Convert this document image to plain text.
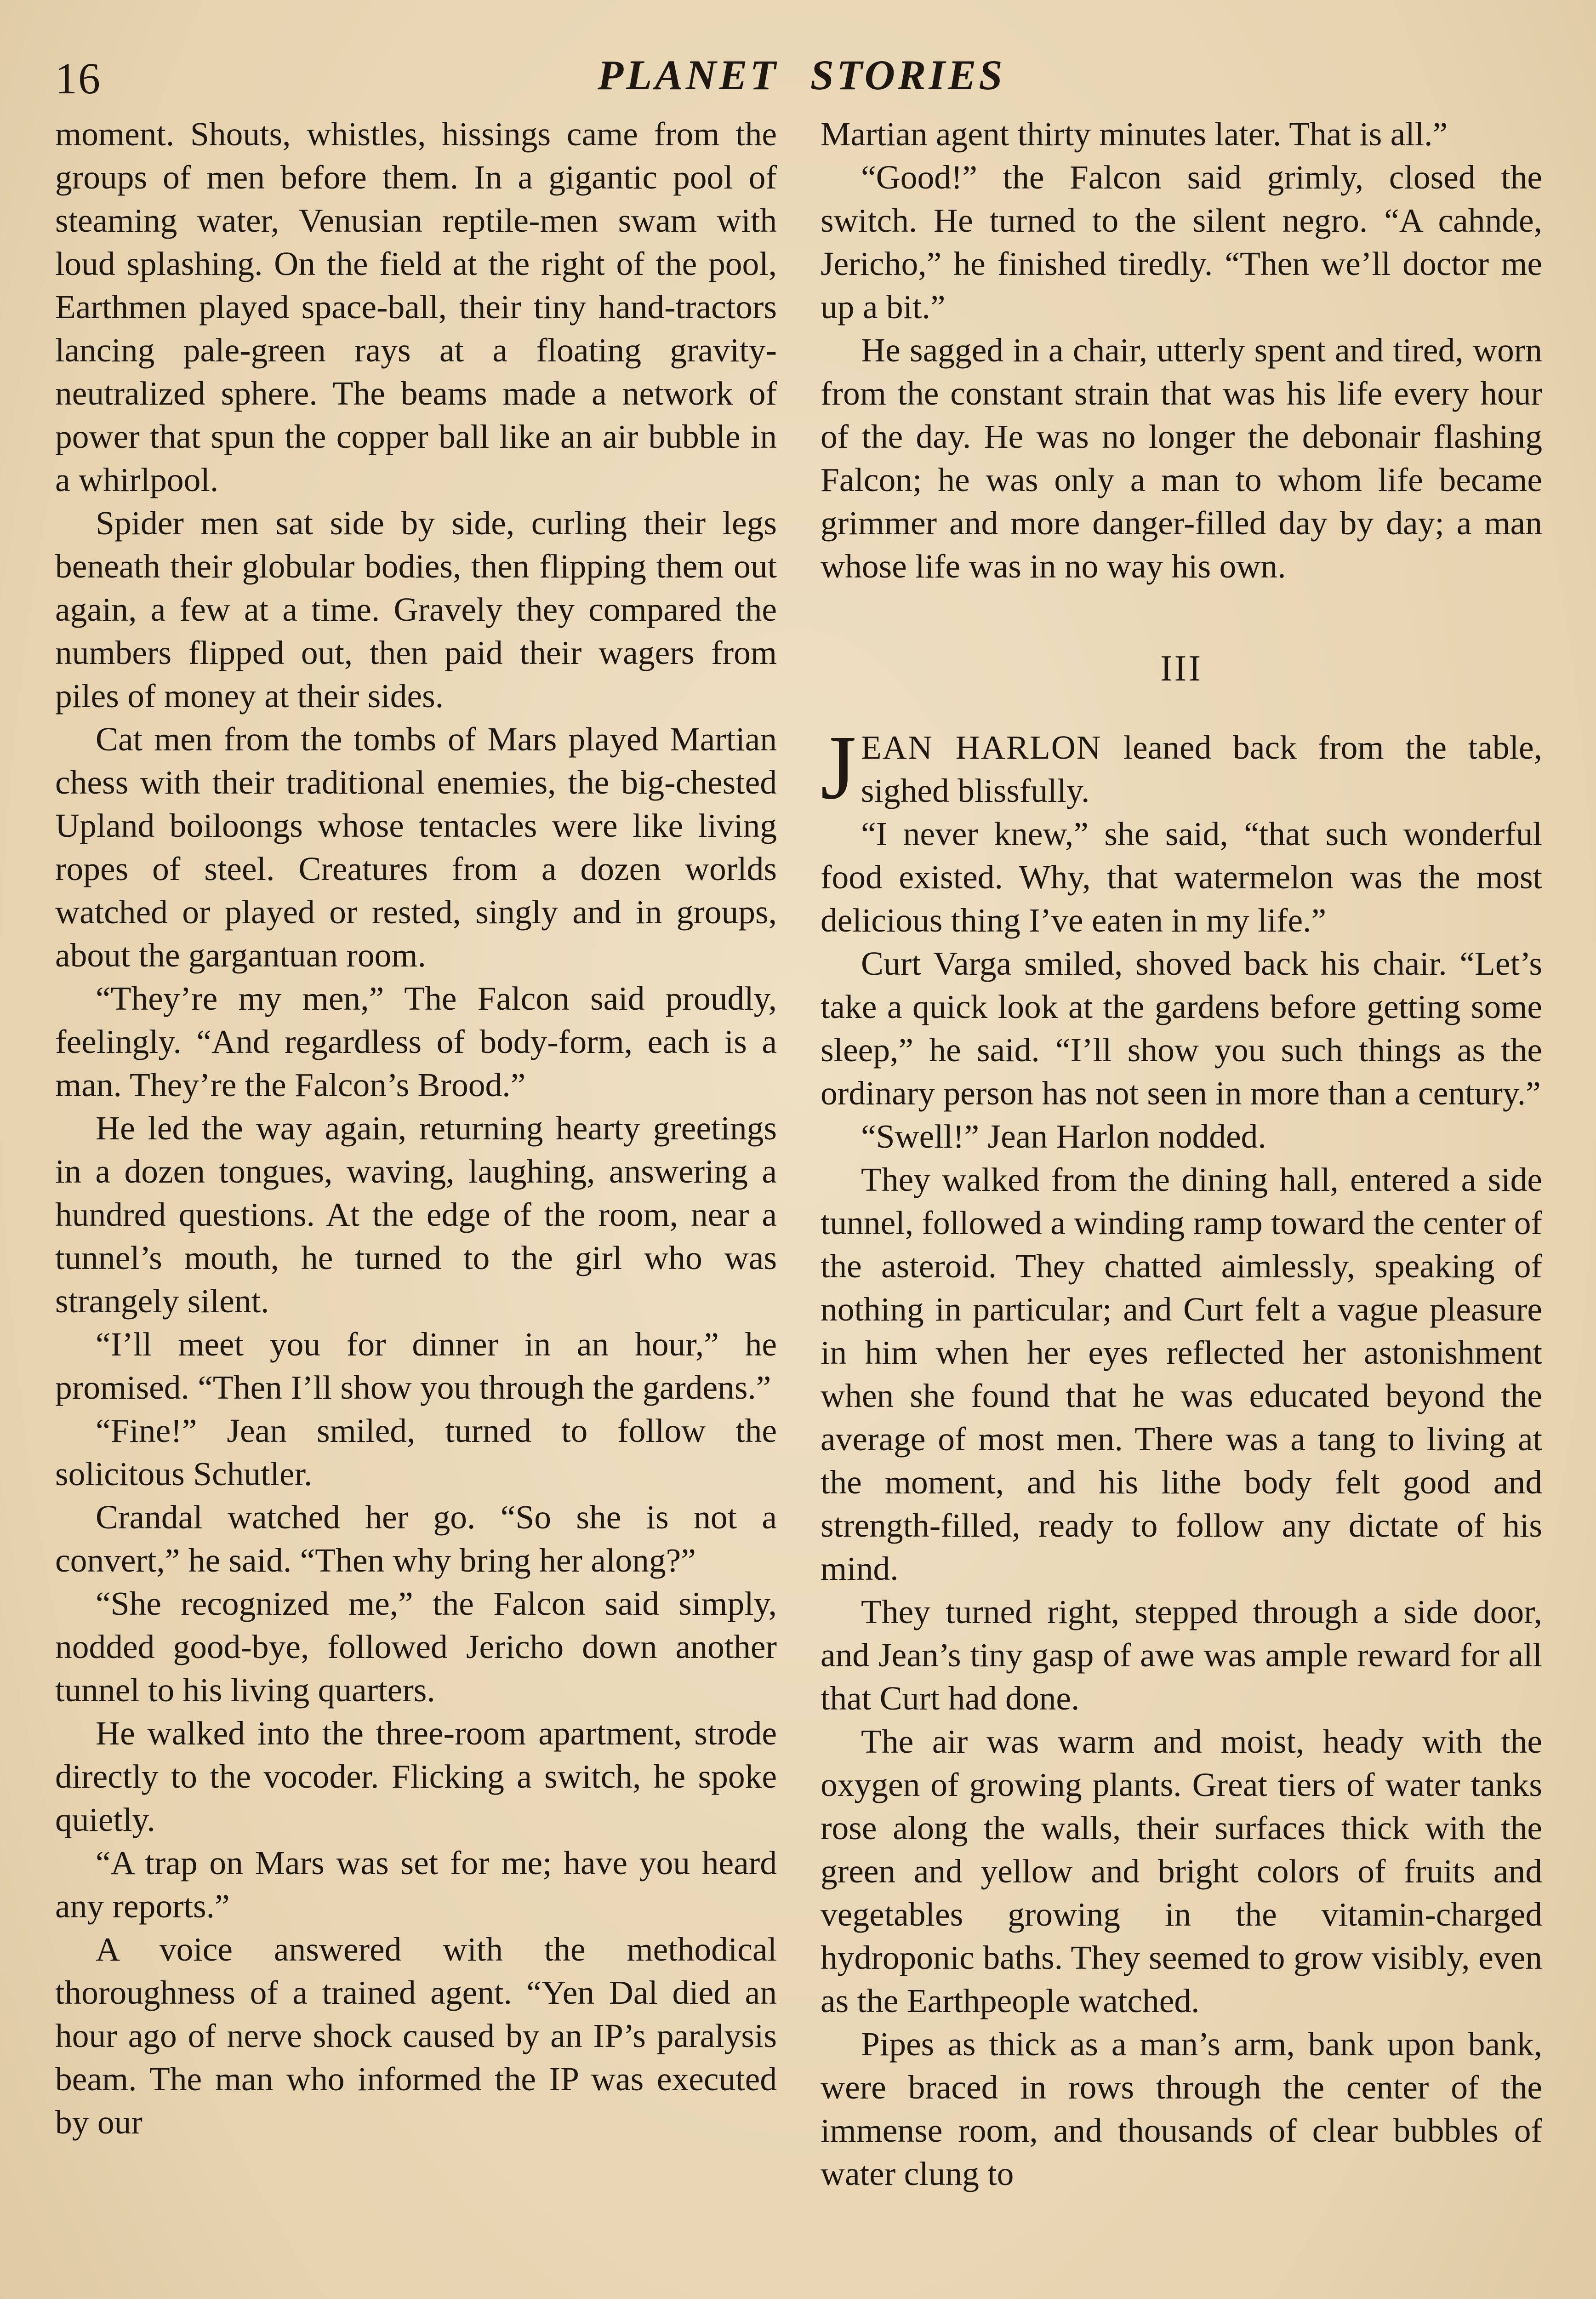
16	PLANET STORIES

moment. Shouts, whistles, hissings came from the groups of men before them. In a gigantic pool of steaming water, Venusian reptile-men swam with loud splashing. On the field at the right of the pool, Earthmen played space-ball, their tiny hand-tractors lancing pale-green rays at a floating gravity-neutralized sphere. The beams made a network of power that spun the copper ball like an air bubble in a whirlpool.

Spider men sat side by side, curling their legs beneath their globular bodies, then flipping them out again, a few at a time. Gravely they compared the numbers flipped out, then paid their wagers from piles of money at their sides.

Cat men from the tombs of Mars played Martian chess with their traditional enemies, the big-chested Upland boiloongs whose tentacles were like living ropes of steel. Creatures from a dozen worlds watched or played or rested, singly and in groups, about the gargantuan room.

“They’re my men,” The Falcon said proudly, feelingly. “And regardless of body-form, each is a man. They’re the Falcon’s Brood.”

He led the way again, returning hearty greetings in a dozen tongues, waving, laughing, answering a hundred questions. At the edge of the room, near a tunnel’s mouth, he turned to the girl who was strangely silent.

“I’ll meet you for dinner in an hour,” he promised. “Then I’ll show you through the gardens.”

“Fine!” Jean smiled, turned to follow the solicitous Schutler.

Crandal watched her go. “So she is not a convert,” he said. “Then why bring her along?”

“She recognized me,” the Falcon said simply, nodded good-bye, followed Jericho down another tunnel to his living quarters.

He walked into the three-room apartment, strode directly to the vocoder. Flicking a switch, he spoke quietly.

“A trap on Mars was set for me; have you heard any reports.”

A voice answered with the methodical thoroughness of a trained agent. “Yen Dal died an hour ago of nerve shock caused by an IP’s paralysis beam. The man who informed the IP was executed by our

Martian agent thirty minutes later. That is all.”

“Good!” the Falcon said grimly, closed the switch. He turned to the silent negro. “A cahnde, Jericho,” he finished tiredly. “Then we’ll doctor me up a bit.”

He sagged in a chair, utterly spent and tired, worn from the constant strain that was his life every hour of the day. He was no longer the debonair flashing Falcon; he was only a man to whom life became grimmer and more danger-filled day by day; a man whose life was in no way his own.

III

JEAN HARLON leaned back from the table, sighed blissfully.

“I never knew,” she said, “that such wonderful food existed. Why, that watermelon was the most delicious thing I’ve eaten in my life.”

Curt Varga smiled, shoved back his chair. “Let’s take a quick look at the gardens before getting some sleep,” he said. “I’ll show you such things as the ordinary person has not seen in more than a century.”

“Swell!” Jean Harlon nodded.

They walked from the dining hall, entered a side tunnel, followed a winding ramp toward the center of the asteroid. They chatted aimlessly, speaking of nothing in particular; and Curt felt a vague pleasure in him when her eyes reflected her astonishment when she found that he was educated beyond the average of most men. There was a tang to living at the moment, and his lithe body felt good and strength-filled, ready to follow any dictate of his mind.

They turned right, stepped through a side door, and Jean’s tiny gasp of awe was ample reward for all that Curt had done.

The air was warm and moist, heady with the oxygen of growing plants. Great tiers of water tanks rose along the walls, their surfaces thick with the green and yellow and bright colors of fruits and vegetables growing in the vitamin-charged hydroponic baths. They seemed to grow visibly, even as the Earthpeople watched.

Pipes as thick as a man’s arm, bank upon bank, were braced in rows through the center of the immense room, and thousands of clear bubbles of water clung to
